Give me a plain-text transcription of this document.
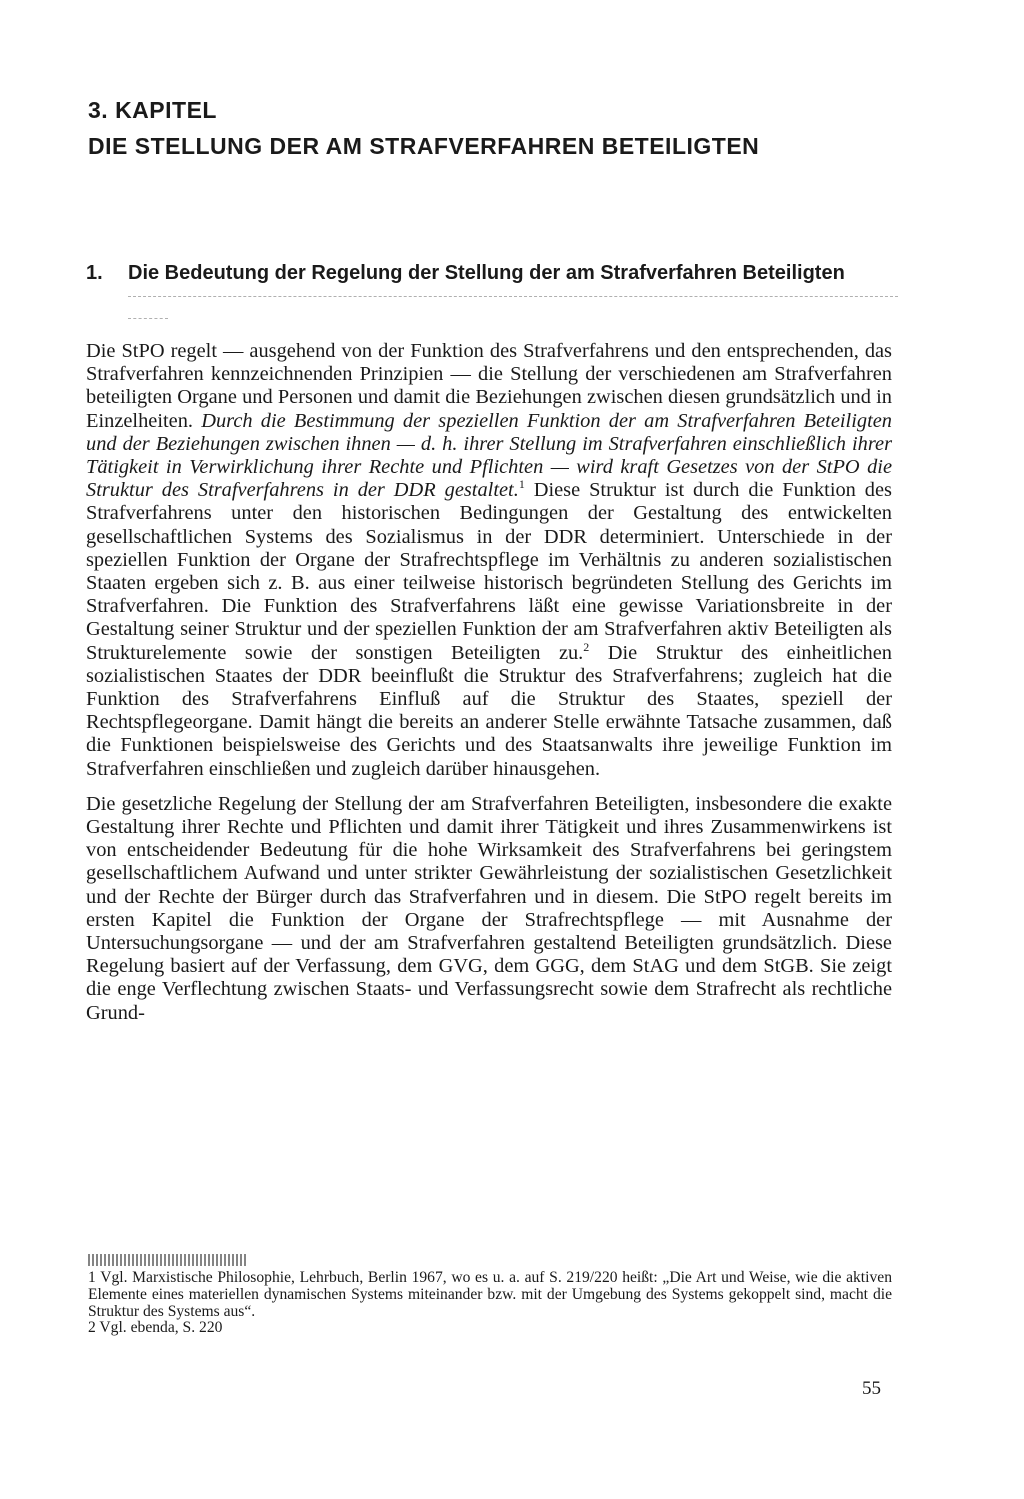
3. KAPITEL
DIE STELLUNG DER AM STRAFVERFAHREN BETEILIGTEN
1. Die Bedeutung der Regelung der Stellung der am Strafverfahren Beteiligten

Die StPO regelt — ausgehend von der Funktion des Strafverfahrens und den entsprechenden, das Strafverfahren kennzeichnenden Prinzipien — die Stellung der verschiedenen am Strafverfahren beteiligten Organe und Personen und damit die Beziehungen zwischen diesen grundsätzlich und in Einzelheiten. Durch die Bestimmung der speziellen Funktion der am Strafverfahren Beteiligten und der Beziehungen zwischen ihnen — d. h. ihrer Stellung im Strafverfahren einschließlich ihrer Tätigkeit in Verwirklichung ihrer Rechte und Pflichten — wird kraft Gesetzes von der StPO die Struktur des Strafverfahrens in der DDR gestaltet.$^1$ Diese Struktur ist durch die Funktion des Strafverfahrens unter den historischen Bedingungen der Gestaltung des entwickelten gesellschaftlichen Systems des Sozialismus in der DDR determiniert. Unterschiede in der speziellen Funktion der Organe der Strafrechtspflege im Verhältnis zu anderen sozialistischen Staaten ergeben sich z. B. aus einer teilweise historisch begründeten Stellung des Gerichts im Strafverfahren. Die Funktion des Strafverfahrens läßt eine gewisse Variationsbreite in der Gestaltung seiner Struktur und der speziellen Funktion der am Strafverfahren aktiv Beteiligten als Strukturelemente sowie der sonstigen Beteiligten zu.$^2$ Die Struktur des einheitlichen sozialistischen Staates der DDR beeinflußt die Struktur des Strafverfahrens; zugleich hat die Funktion des Strafverfahrens Einfluß auf die Struktur des Staates, speziell der Rechtspflegeorgane. Damit hängt die bereits an anderer Stelle erwähnte Tatsache zusammen, daß die Funktionen beispielsweise des Gerichts und des Staatsanwalts ihre jeweilige Funktion im Strafverfahren einschließen und zugleich darüber hinausgehen.

Die gesetzliche Regelung der Stellung der am Strafverfahren Beteiligten, insbesondere die exakte Gestaltung ihrer Rechte und Pflichten und damit ihrer Tätigkeit und ihres Zusammenwirkens ist von entscheidender Bedeutung für die hohe Wirksamkeit des Strafverfahrens bei geringstem gesellschaftlichem Aufwand und unter strikter Gewährleistung der sozialistischen Gesetzlichkeit und der Rechte der Bürger durch das Strafverfahren und in diesem. Die StPO regelt bereits im ersten Kapitel die Funktion der Organe der Strafrechtspflege — mit Ausnahme der Untersuchungsorgane — und der am Strafverfahren gestaltend Beteiligten grundsätzlich. Diese Regelung basiert auf der Verfassung, dem GVG, dem GGG, dem StAG und dem StGB. Sie zeigt die enge Verflechtung zwischen Staats- und Verfassungsrecht sowie dem Strafrecht als rechtliche Grund-

1 Vgl. Marxistische Philosophie, Lehrbuch, Berlin 1967, wo es u. a. auf S. 219/220 heißt: „Die Art und Weise, wie die aktiven Elemente eines materiellen dynamischen Systems miteinander bzw. mit der Umgebung des Systems gekoppelt sind, macht die Struktur des Systems aus“.

2 Vgl. ebenda, S. 220

55
